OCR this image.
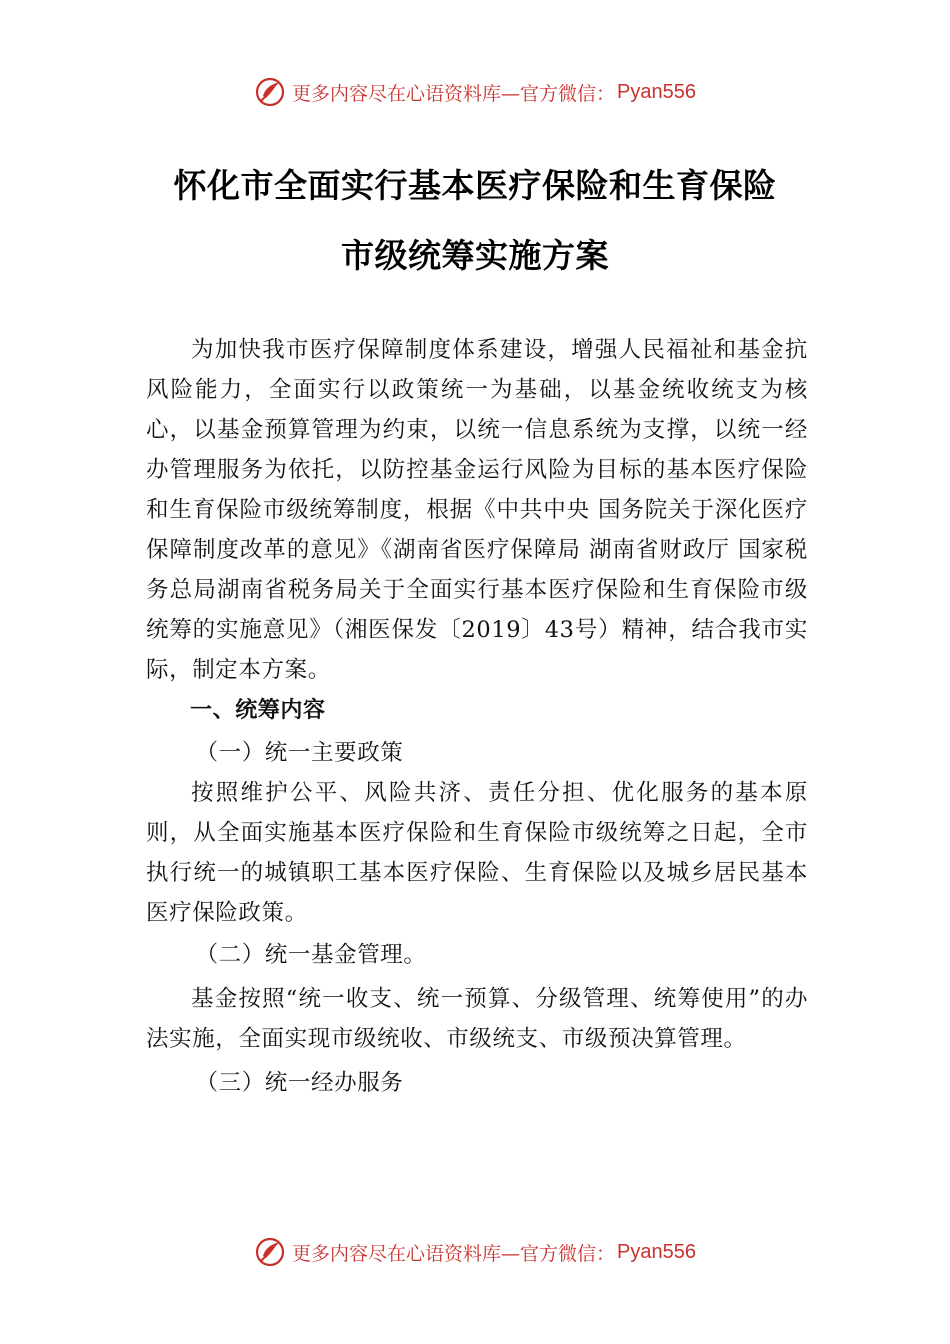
更多内容尽在心语资料库—官方微信： Pyan556
怀化市全面实行基本医疗保险和生育保险
市级统筹实施方案

为加快我市医疗保障制度体系建设，增强人民福祉和基金抗风险能力，全面实行以政策统一为基础，以基金统收统支为核心，以基金预算管理为约束，以统一信息系统为支撑，以统一经办管理服务为依托，以防控基金运行风险为目标的基本医疗保险和生育保险市级统筹制度，根据《中共中央 国务院关于深化医疗保障制度改革的意见》《湖南省医疗保障局 湖南省财政厅 国家税务总局湖南省税务局关于全面实行基本医疗保险和生育保险市级统筹的实施意见》（湘医保发〔2019〕43号）精神，结合我市实际，制定本方案。

一、统筹内容

（一）统一主要政策

按照维护公平、风险共济、责任分担、优化服务的基本原则，从全面实施基本医疗保险和生育保险市级统筹之日起，全市执行统一的城镇职工基本医疗保险、生育保险以及城乡居民基本医疗保险政策。

（二）统一基金管理。

基金按照“统一收支、统一预算、分级管理、统筹使用”的办法实施，全面实现市级统收、市级统支、市级预决算管理。

（三）统一经办服务

更多内容尽在心语资料库—官方微信： Pyan556
